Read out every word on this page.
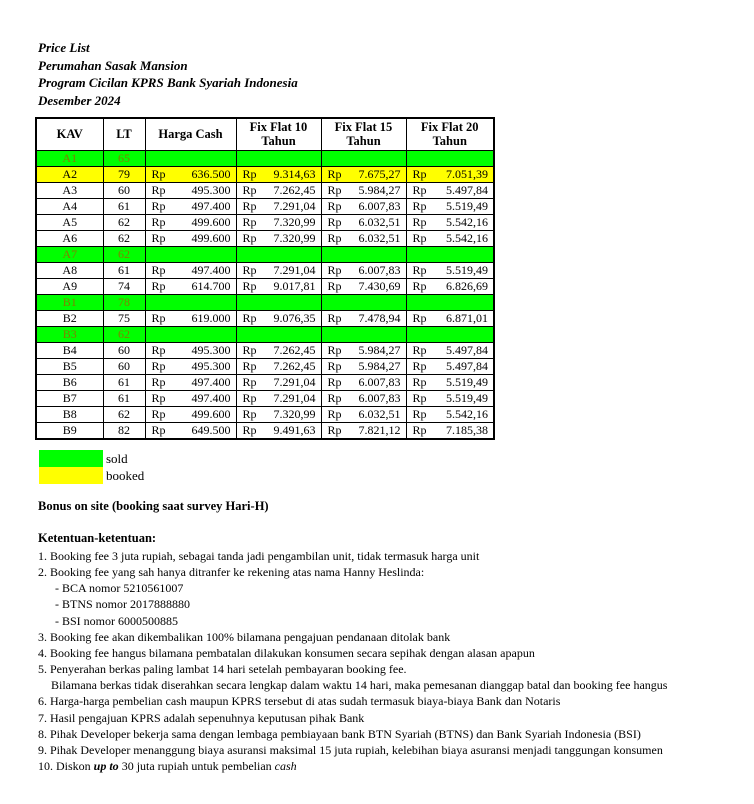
Price List
Perumahan Sasak Mansion
Program Cicilan KPRS Bank Syariah Indonesia
Desember 2024
KAV	LT	Harga Cash	Fix Flat 10 Tahun	Fix Flat 15 Tahun	Fix Flat 20 Tahun
A1	65				
A2	79	Rp 636.500	Rp 9.314,63	Rp 7.675,27	Rp 7.051,39

A3	60	Rp 495.300	Rp 7.262,45	Rp 5.984,27	Rp 5.497,84

A4	61	Rp 497.400	Rp 7.291,04	Rp 6.007,83	Rp 5.519,49

A5	62	Rp 499.600	Rp 7.320,99	Rp 6.032,51	Rp 5.542,16

A6	62	Rp 499.600	Rp 7.320,99	Rp 6.032,51	Rp 5.542,16

A7	62				
A8	61	Rp 497.400	Rp 7.291,04	Rp 6.007,83	Rp 5.519,49

A9	74	Rp 614.700	Rp 9.017,81	Rp 7.430,69	Rp 6.826,69

B1	78				
B2	75	Rp 619.000	Rp 9.076,35	Rp 7.478,94	Rp 6.871,01

B3	62				
B4	60	Rp 495.300	Rp 7.262,45	Rp 5.984,27	Rp 5.497,84

B5	60	Rp 495.300	Rp 7.262,45	Rp 5.984,27	Rp 5.497,84

B6	61	Rp 497.400	Rp 7.291,04	Rp 6.007,83	Rp 5.519,49

B7	61	Rp 497.400	Rp 7.291,04	Rp 6.007,83	Rp 5.519,49

B8	62	Rp 499.600	Rp 7.320,99	Rp 6.032,51	Rp 5.542,16

B9	82	Rp 649.500	Rp 9.491,63	Rp 7.821,12	Rp 7.185,38
sold
booked
Bonus on site (booking saat survey Hari-H)
Ketentuan-ketentuan:
1. Booking fee 3 juta rupiah, sebagai tanda jadi pengambilan unit, tidak termasuk harga unit
2. Booking fee yang sah hanya ditranfer ke rekening atas nama Hanny Heslinda:
- BCA nomor 5210561007
- BTNS nomor 2017888880
- BSI nomor 6000500885
3. Booking fee akan dikembalikan 100% bilamana pengajuan pendanaan ditolak bank
4. Booking fee hangus bilamana pembatalan dilakukan konsumen secara sepihak dengan alasan apapun
5. Penyerahan berkas paling lambat 14 hari setelah pembayaran booking fee.
Bilamana berkas tidak diserahkan secara lengkap dalam waktu 14 hari, maka pemesanan dianggap batal dan booking fee hangus
6. Harga-harga pembelian cash maupun KPRS tersebut di atas sudah termasuk biaya-biaya Bank dan Notaris
7. Hasil pengajuan KPRS adalah sepenuhnya keputusan pihak Bank
8. Pihak Developer bekerja sama dengan lembaga pembiayaan bank BTN Syariah (BTNS) dan Bank Syariah Indonesia (BSI)
9. Pihak Developer menanggung biaya asuransi maksimal 15 juta rupiah, kelebihan biaya asuransi menjadi tanggungan konsumen
10. Diskon up to 30 juta rupiah untuk pembelian cash
